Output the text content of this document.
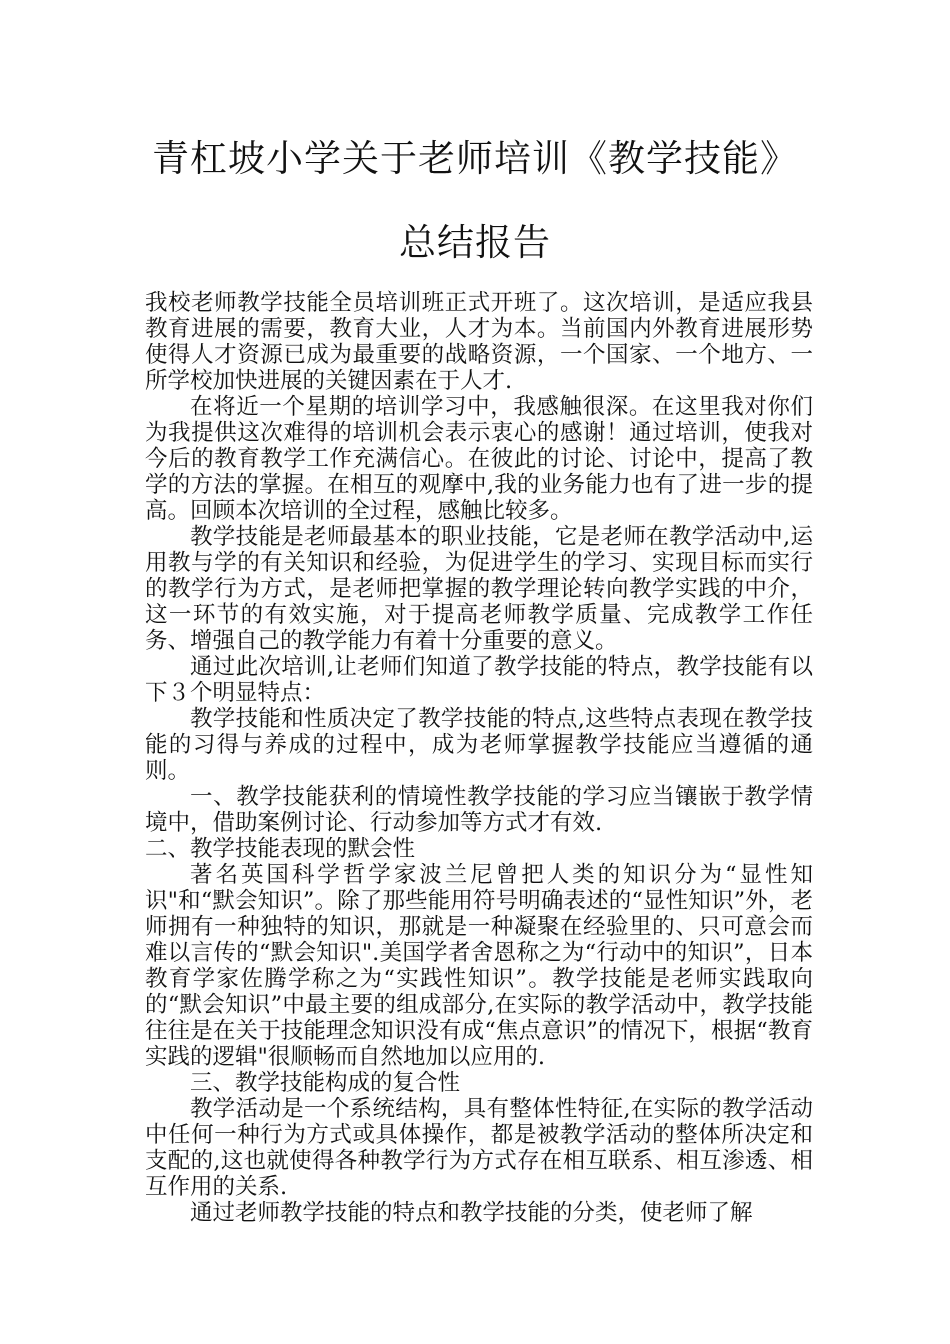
青杠坡小学关于老师培训《教学技能》
总结报告

我校老师教学技能全员培训班正式开班了。这次培训，是适应我县教育进展的需要，教育大业，人才为本。当前国内外教育进展形势使得人才资源已成为最重要的战略资源，一个国家、一个地方、一所学校加快进展的关键因素在于人才.

在将近一个星期的培训学习中，我感触很深。在这里我对你们为我提供这次难得的培训机会表示衷心的感谢！通过培训，使我对今后的教育教学工作充满信心。在彼此的讨论、讨论中，提高了教学的方法的掌握。在相互的观摩中,我的业务能力也有了进一步的提高。回顾本次培训的全过程，感触比较多。

教学技能是老师最基本的职业技能，它是老师在教学活动中,运用教与学的有关知识和经验，为促进学生的学习、实现目标而实行的教学行为方式，是老师把掌握的教学理论转向教学实践的中介，这一环节的有效实施，对于提高老师教学质量、完成教学工作任务、增强自己的教学能力有着十分重要的意义。

通过此次培训,让老师们知道了教学技能的特点，教学技能有以下３个明显特点：

教学技能和性质决定了教学技能的特点,这些特点表现在教学技能的习得与养成的过程中，成为老师掌握教学技能应当遵循的通则。

一、教学技能获利的情境性教学技能的学习应当镶嵌于教学情境中，借助案例讨论、行动参加等方式才有效.

二、教学技能表现的默会性

著名英国科学哲学家波兰尼曾把人类的知识分为“显性知识"和“默会知识”。除了那些能用符号明确表述的“显性知识”外，老师拥有一种独特的知识，那就是一种凝聚在经验里的、只可意会而难以言传的“默会知识".美国学者舍恩称之为“行动中的知识”，日本教育学家佐腾学称之为“实践性知识”。教学技能是老师实践取向的“默会知识”中最主要的组成部分,在实际的教学活动中，教学技能往往是在关于技能理念知识没有成“焦点意识”的情况下，根据“教育实践的逻辑"很顺畅而自然地加以应用的.

三、教学技能构成的复合性

教学活动是一个系统结构，具有整体性特征,在实际的教学活动中任何一种行为方式或具体操作，都是被教学活动的整体所决定和支配的,这也就使得各种教学行为方式存在相互联系、相互渗透、相互作用的关系.

通过老师教学技能的特点和教学技能的分类，使老师了解
